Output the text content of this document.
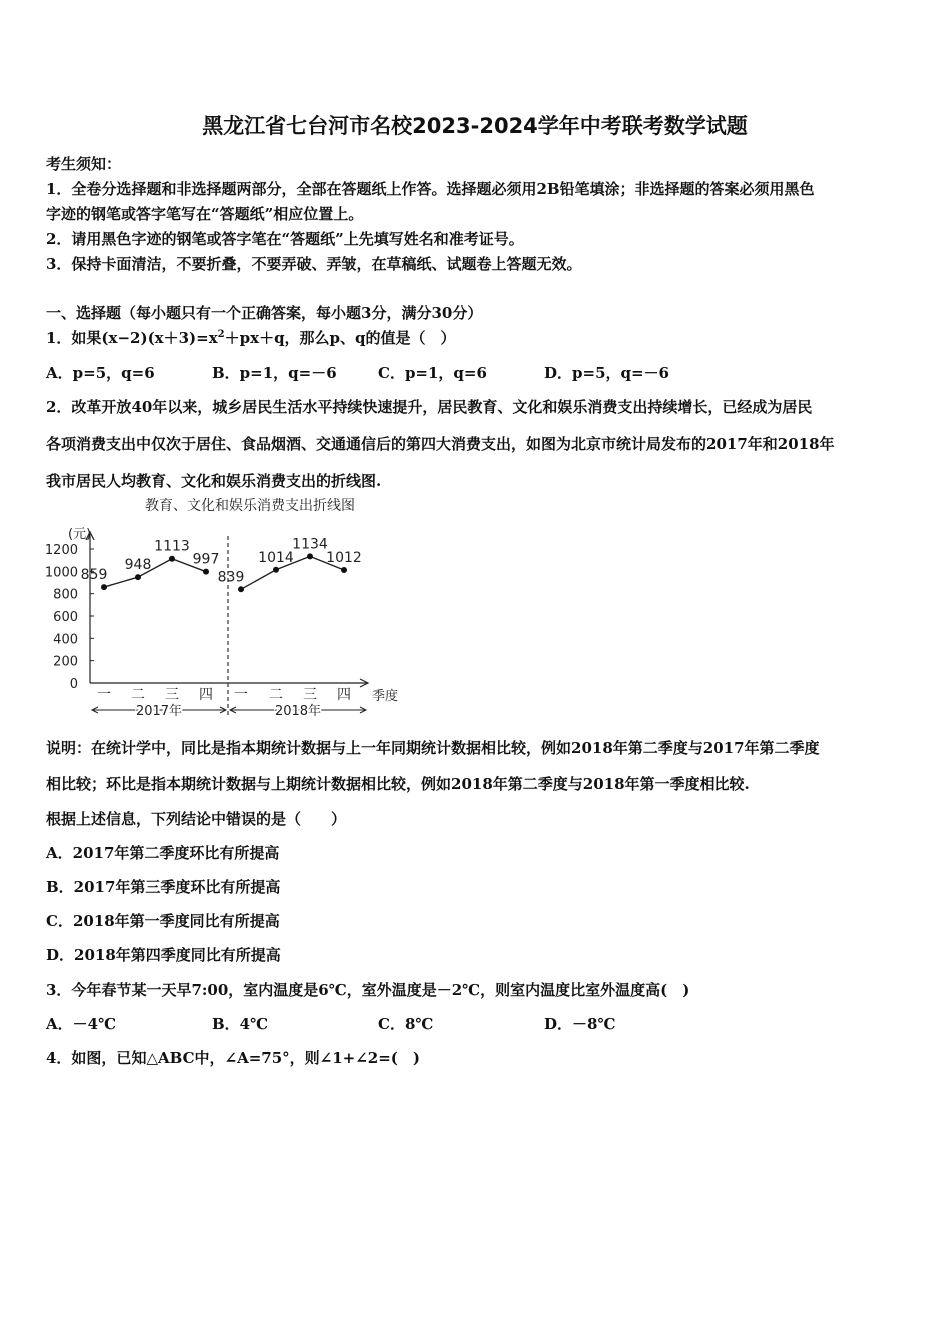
黑龙江省七台河市名校2023-2024学年中考联考数学试题
考生须知：
1．全卷分选择题和非选择题两部分，全部在答题纸上作答。选择题必须用2B铅笔填涂；非选择题的答案必须用黑色
字迹的钢笔或答字笔写在“答题纸”相应位置上。
2．请用黑色字迹的钢笔或答字笔在“答题纸”上先填写姓名和准考证号。
3．保持卡面清洁，不要折叠，不要弄破、弄皱，在草稿纸、试题卷上答题无效。
一、选择题（每小题只有一个正确答案，每小题3分，满分30分）
1．如果$(x-2)(x+3)=x^2+px+q$，那么p、q的值是（　）
A．p=5，q=6	B．p=1，q=－6	C．p=1，q=6	D．p=5，q=－6
2．改革开放40年以来，城乡居民生活水平持续快速提升，居民教育、文化和娱乐消费支出持续增长，已经成为居民
各项消费支出中仅次于居住、食品烟酒、交通通信后的第四大消费支出，如图为北京市统计局发布的2017年和2018年
我市居民人均教育、文化和娱乐消费支出的折线图.
教育、文化和娱乐消费支出折线图
(元)
0
200
400
600
800
1000
1200
一 二 三 四 一 二 三 四 季度
2017年	2018年
859
948
1113
997
839
1014
1134
1012
说明：在统计学中，同比是指本期统计数据与上一年同期统计数据相比较，例如2018年第二季度与2017年第二季度
相比较；环比是指本期统计数据与上期统计数据相比较，例如2018年第二季度与2018年第一季度相比较.
根据上述信息，下列结论中错误的是（　　）
A．2017年第二季度环比有所提高
B．2017年第三季度环比有所提高
C．2018年第一季度同比有所提高
D．2018年第四季度同比有所提高
3．今年春节某一天早7:00，室内温度是6℃，室外温度是－2℃，则室内温度比室外温度高(　)
A．－4℃	B．4℃	C．8℃	D．－8℃
4．如图，已知△ABC中，∠A=75°，则∠1+∠2=(　)
